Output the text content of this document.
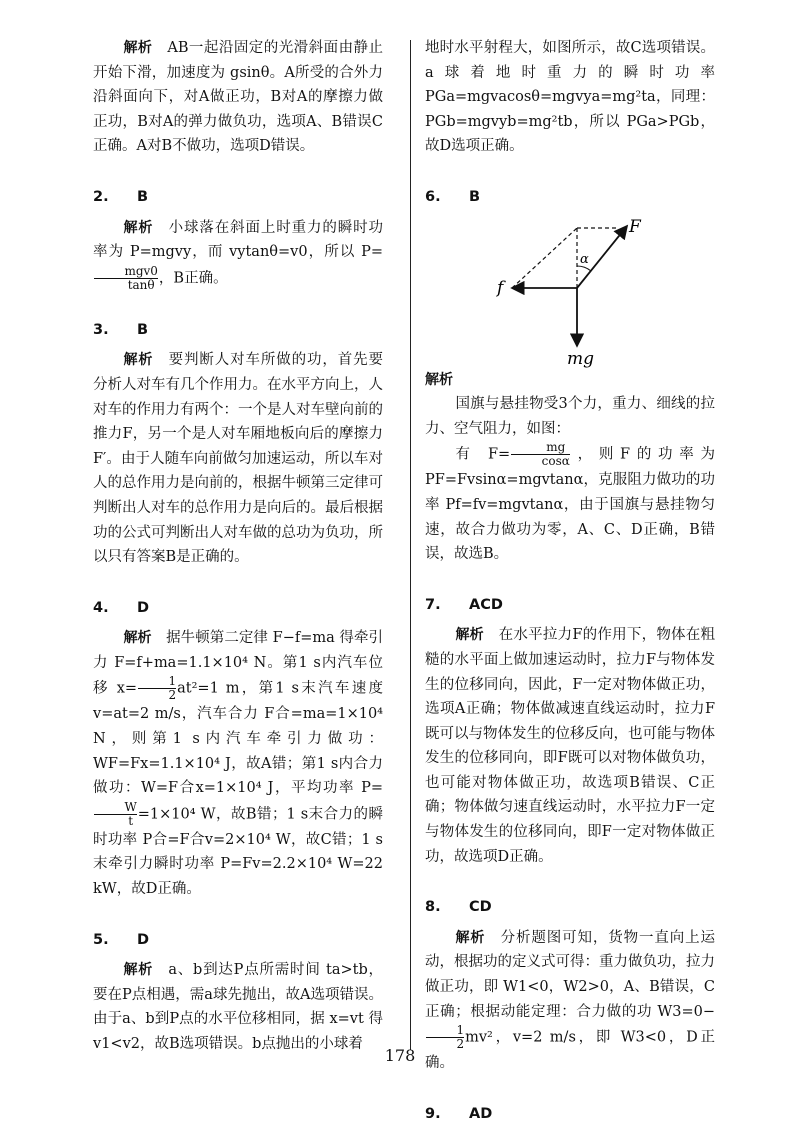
解析　 AB一起沿固定的光滑斜面由静止开始下滑，加速度为 gsinθ。A所受的合外力沿斜面向下，对A做正功，B对A的摩擦力做正功，B对A的弹力做负功，选项A、B错误C正确。A对B不做功，选项D错误。

2. B

解析　 小球落在斜面上时重力的瞬时功率为 P=mgvy，而 vytanθ=v0，所以 P=
$\frac{\text{mgv0}}{\tan\theta}$ ，B正确。

3. B

解析　 要判断人对车所做的功，首先要分析人对车有几个作用力。在水平方向上，人对车的作用力有两个：一个是人对车壁向前的推力F，另一个是人对车厢地板向后的摩擦力 F′。由于人随车向前做匀加速运动，所以车对人的总作用力是向前的，根据牛顿第三定律可判断出人对车的总作用力是向后的。最后根据功的公式可判断出人对车做的总功为负功，所以只有答案B是正确的。

4. D

解析　 据牛顿第二定律 F−f=ma 得牵引力 F=f+ma=1.1×10⁴ N。第1 s内汽车位移 $x= \frac{1}{2} at^2=1$ m，第1 s末汽车速度 v=at=2 m/s，汽车合力 F合=ma=1×10⁴ N，则第1 s内汽车牵引力做功：WF=Fx=1.1×10⁴ J，故A错；第1 s内合力做功：W=F合x=1×10⁴ J，平均功率 P=
$\frac{W}{t} =1\times 10^4$ W，故B错；1 s末合力的瞬时功率 P合=F合v=2×10⁴ W，故C错；1 s末牵引力瞬时功率 P=Fv=2.2×10⁴ W=22 kW，故D正确。

5. D

解析　 a、b到达P点所需时间 ta>tb，要在P点相遇，需a球先抛出，故A选项错误。由于a、b到P点的水平位移相同，据 x=vt 得 v1<v2，故B选项错误。b点抛出的小球着

地时水平射程大，如图所示，故C选项错误。a球着地时重力的瞬时功率 PGa=mgvacosθ=mgvya=mg²ta，同理：PGb=mgvyb=mg²tb，所以 PGa>PGb，故D选项正确。

6. B
F
f
α
mg

解析

国旗与悬挂物受3个力，重力、细线的拉力、空气阻力，如图：

有 $F= \frac{mg}{\cos\alpha}$ ，则F的功率为 PF=Fvsinα=mgvtanα，克服阻力做功的功率 Pf=fv=mgvtanα，由于国旗与悬挂物匀速，故合力做功为零，A、C、D正确，B错误，故选B。

7. ACD

解析　 在水平拉力F的作用下，物体在粗糙的水平面上做加速运动时，拉力F与物体发生的位移同向，因此，F一定对物体做正功，选项A正确；物体做减速直线运动时，拉力F既可以与物体发生的位移反向，也可能与物体发生的位移同向，即F既可以对物体做负功，也可能对物体做正功，故选项B错误、C正确；物体做匀速直线运动时，水平拉力F一定与物体发生的位移同向，即F一定对物体做正功，故选项D正确。

8. CD

解析　 分析题图可知，货物一直向上运动，根据功的定义式可得：重力做负功，拉力做正功，即 W1<0，W2>0，A、B错误，C正确；根据动能定理：合力做的功 W3=0−
$\frac{1}{2} mv^2$，v=2 m/s，即 W3<0，D正确。

9. AD
178
